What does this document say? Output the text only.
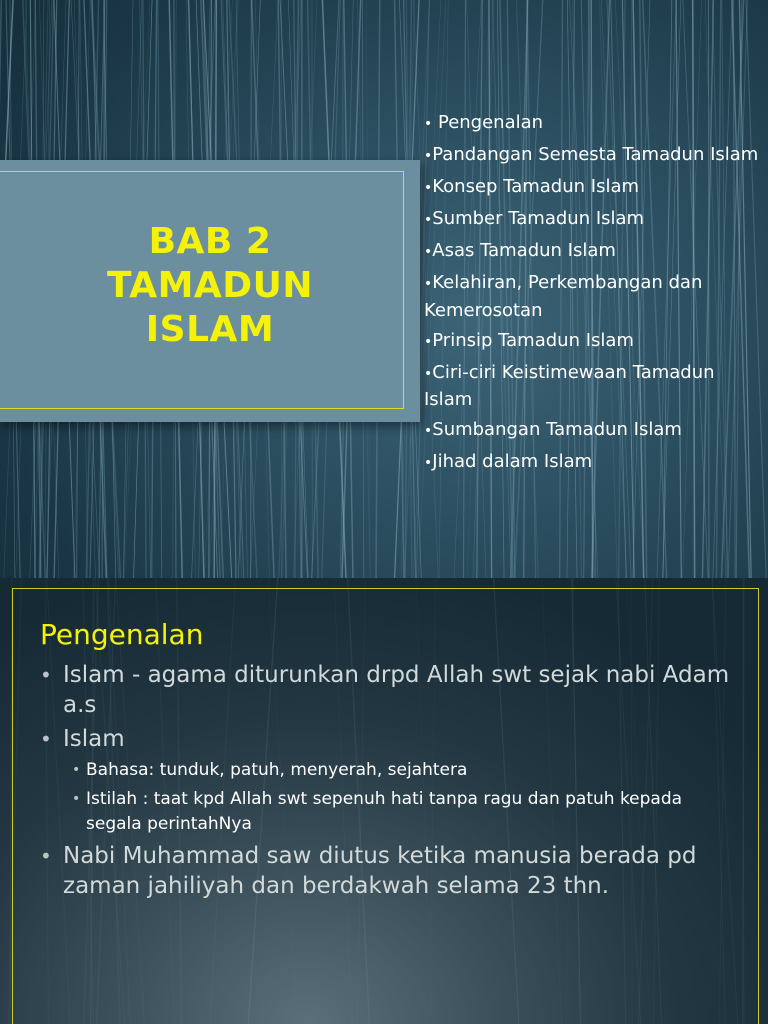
BAB 2
TAMADUN
ISLAM
• Pengenalan
•Pandangan Semesta Tamadun Islam
•Konsep Tamadun Islam
•Sumber Tamadun Islam
•Asas Tamadun Islam
•Kelahiran, Perkembangan dan Kemerosotan
•Prinsip Tamadun Islam
•Ciri-ciri Keistimewaan Tamadun Islam
•Sumbangan Tamadun Islam
•Jihad dalam Islam
Pengenalan
• Islam - agama diturunkan drpd Allah swt sejak nabi Adam a.s
• Islam
• Bahasa: tunduk, patuh, menyerah, sejahtera
• Istilah : taat kpd Allah swt sepenuh hati tanpa ragu dan patuh kepada segala perintahNya
• Nabi Muhammad saw diutus ketika manusia berada pd zaman jahiliyah dan berdakwah selama 23 thn.
